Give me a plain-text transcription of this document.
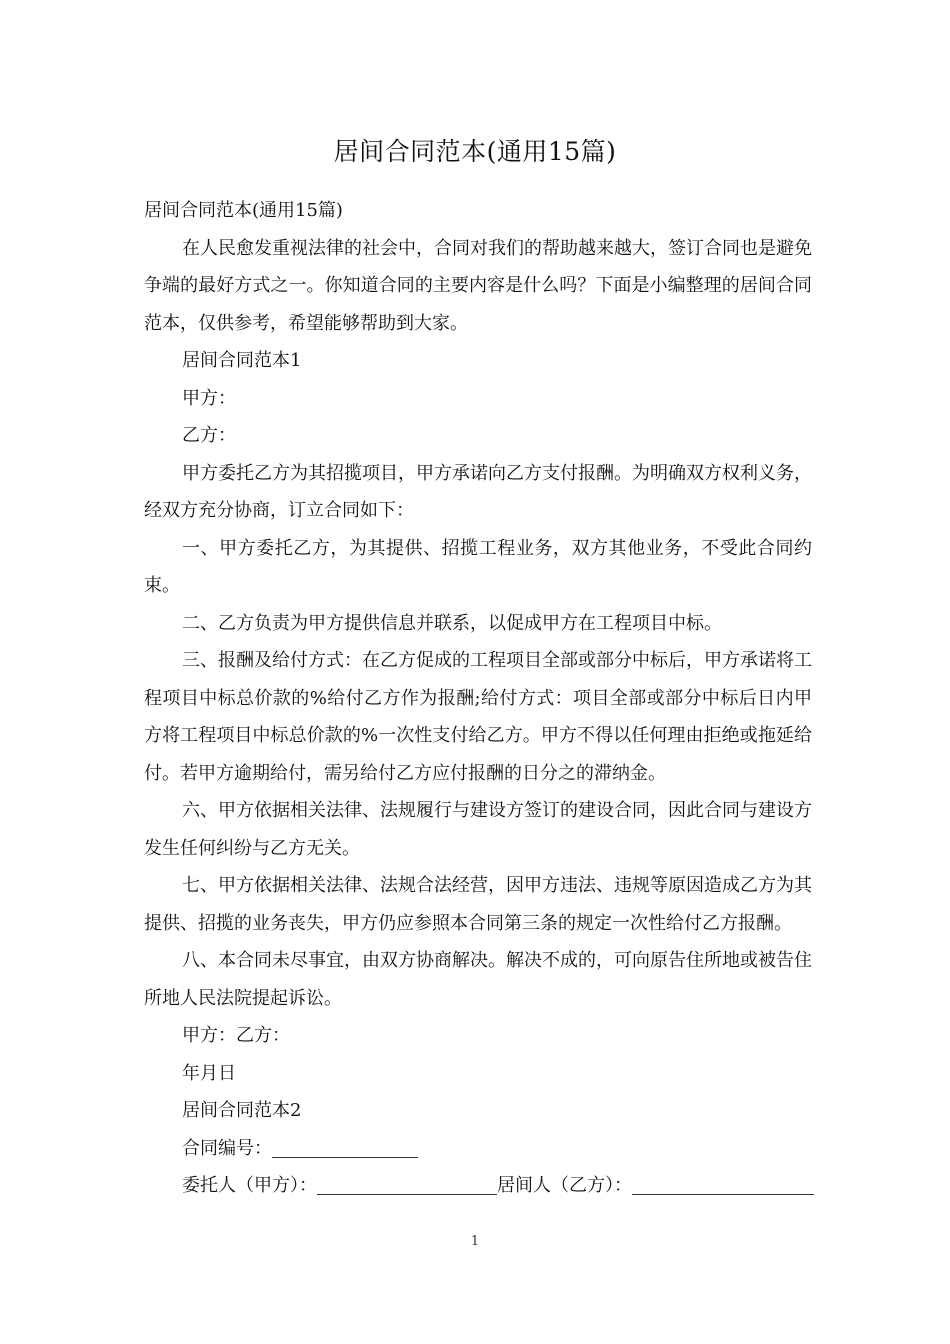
居间合同范本(通用15篇)

居间合同范本(通用15篇)

在人民愈发重视法律的社会中，合同对我们的帮助越来越大，签订合同也是避免争端的最好方式之一。你知道合同的主要内容是什么吗？下面是小编整理的居间合同范本，仅供参考，希望能够帮助到大家。

居间合同范本1

甲方：

乙方：

甲方委托乙方为其招揽项目，甲方承诺向乙方支付报酬。为明确双方权利义务，经双方充分协商，订立合同如下：

一、甲方委托乙方，为其提供、招揽工程业务，双方其他业务，不受此合同约束。

二、乙方负责为甲方提供信息并联系，以促成甲方在工程项目中标。

三、报酬及给付方式：在乙方促成的工程项目全部或部分中标后，甲方承诺将工程项目中标总价款的%给付乙方作为报酬;给付方式：项目全部或部分中标后日内甲方将工程项目中标总价款的%一次性支付给乙方。甲方不得以任何理由拒绝或拖延给付。若甲方逾期给付，需另给付乙方应付报酬的日分之的滞纳金。

六、甲方依据相关法律、法规履行与建设方签订的建设合同，因此合同与建设方发生任何纠纷与乙方无关。

七、甲方依据相关法律、法规合法经营，因甲方违法、违规等原因造成乙方为其提供、招揽的业务丧失，甲方仍应参照本合同第三条的规定一次性给付乙方报酬。

八、本合同未尽事宜，由双方协商解决。解决不成的，可向原告住所地或被告住所地人民法院提起诉讼。

甲方：乙方：

年月日

居间合同范本2

合同编号：

委托人（甲方）：	居间人（乙方）：

1
